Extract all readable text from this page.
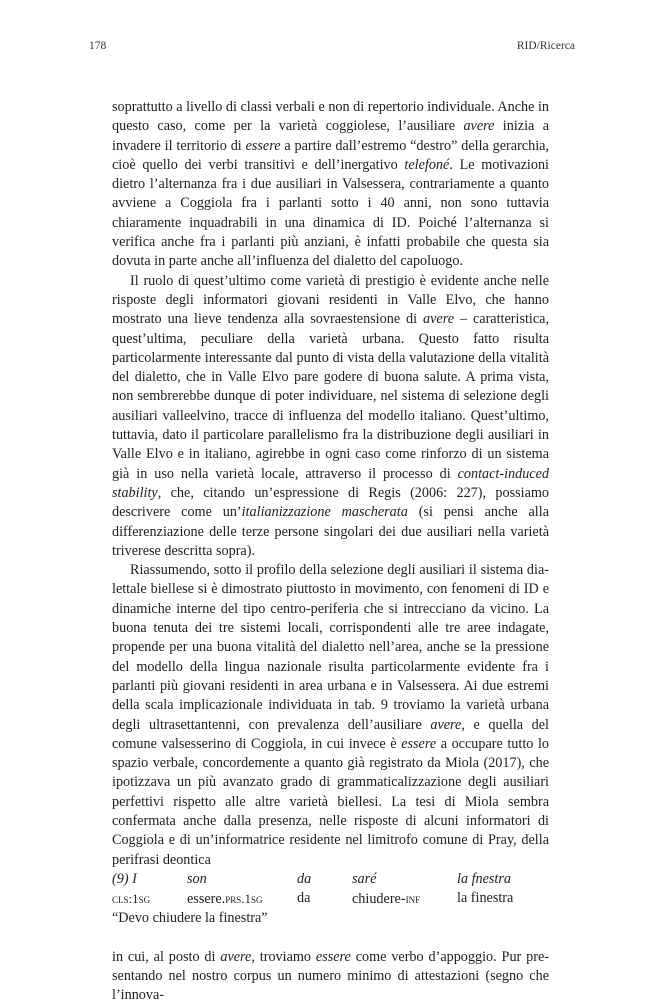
178	RID/Ricerca

soprattutto a livello di classi verbali e non di repertorio individuale. Anche in questo caso, come per la varietà coggiolese, l’ausiliare avere inizia a invadere il territorio di essere a partire dall’estremo “destro” della gerarchia, cioè quello dei verbi transitivi e dell’inergativo telefoné. Le motivazioni dietro l’alternanza fra i due ausiliari in Valsessera, contrariamente a quanto avviene a Coggiola fra i parlanti sotto i 40 anni, non sono tuttavia chiaramente inquadrabili in una dinamica di ID. Poiché l’alternanza si verifica anche fra i parlanti più anziani, è infatti probabile che questa sia dovuta in parte anche all’influenza del dialetto del capoluogo.

Il ruolo di quest’ultimo come varietà di prestigio è evidente anche nelle risposte degli informatori giovani residenti in Valle Elvo, che hanno mostrato una lieve tendenza alla sovraestensione di avere – caratteristica, quest’ultima, peculiare della varietà urbana. Questo fatto risulta particolarmente interessante dal punto di vista della valutazione della vitalità del dialetto, che in Valle Elvo pare godere di buona salute. A prima vista, non sembrerebbe dunque di poter individuare, nel sistema di selezione degli ausiliari valleelvino, tracce di influenza del modello italiano. Quest’ultimo, tuttavia, dato il particolare parallelismo fra la distribuzione degli ausiliari in Valle Elvo e in italiano, agirebbe in ogni caso come rinforzo di un sistema già in uso nella varietà locale, attraverso il processo di contact-induced stability, che, citando un’espressione di Regis (2006: 227), possiamo descrivere come un’italianizzazione mascherata (si pensi anche alla differenziazione delle terze persone singolari dei due ausiliari nella varietà triverese descritta sopra).

Riassumendo, sotto il profilo della selezione degli ausiliari il sistema dialettale biellese si è dimostrato piuttosto in movimento, con fenomeni di ID e dinamiche interne del tipo centro-periferia che si intrecciano da vicino. La buona tenuta dei tre sistemi locali, corrispondenti alle tre aree indagate, propende per una buona vitalità del dialetto nell’area, anche se la pressione del modello della lingua nazionale risulta particolarmente evidente fra i parlanti più giovani residenti in area urbana e in Valsessera. Ai due estremi della scala implicazionale individuata in tab. 9 troviamo la varietà urbana degli ultrasettantenni, con prevalenza dell’ausiliare avere, e quella del comune valsesserino di Coggiola, in cui invece è essere a occupare tutto lo spazio verbale, concordemente a quanto già registrato da Miola (2017), che ipotizzava un più avanzato grado di grammaticalizzazione degli ausiliari perfettivi rispetto alle altre varietà biellesi. La tesi di Miola sembra confermata anche dalla presenza, nelle risposte di alcuni informatori di Coggiola e di un’informatrice residente nel limitrofo comune di Pray, della perifrasi deontica

(9) I	son	da	saré	la fnestra
cls:1sg	essere.prs.1sg	da	chiudere-inf	la finestra
“Devo chiudere la finestra”

in cui, al posto di avere, troviamo essere come verbo d’appoggio. Pur presentando nel nostro corpus un numero minimo di attestazioni (segno che l’innova-
